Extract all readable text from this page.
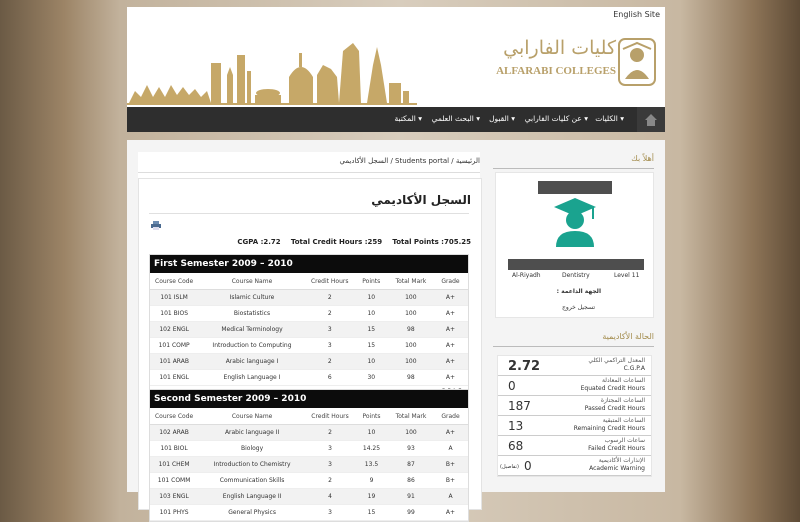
English Site
كليات الفارابي
ALFARABI COLLEGES
▾ الكليات
▾ عن كليات الفارابي
▾ القبول
▾ البحث العلمي
▾ المكتبة
الرئيسية / Students portal / السجل الأكاديمي
السجل الأكاديمي
CGPA :2.72 Total Credit Hours :259 Total Points :705.25
First Semester 2009 – 2010
Course Code	Course Name	Credit Hours	Points	Total Mark	Grade
101 ISLM	Islamic Culture	2	10	100	A+
101 BIOS	Biostatistics	2	10	100	A+
102 ENGL	Medical Terminology	3	15	98	A+
101 COMP	Introduction to Computing	3	15	100	A+
101 ARAB	Arabic language I	2	10	100	A+
101 ENGL	English Language I	6	30	98	A+
Second Semester 2009 – 2010
Course Code	Course Name	Credit Hours	Points	Total Mark	Grade
102 ARAB	Arabic language II	2	10	100	A+
101 BIOL	Biology	3	14.25	93	A
101 CHEM	Introduction to Chemistry	3	13.5	87	B+
101 COMM	Communication Skills	2	9	86	B+
103 ENGL	English Language II	4	19	91	A
101 PHYS	General Physics	3	15	99	A+
أهلاً بك
Al-Riyadh	Dentistry	Level 11
الجهة الداعمة :
تسجيل خروج
الحالة الأكاديمية
2.72	المعدل التراكمي الكلي
C.G.P.A
0	الساعات المعادلة
Equated Credit Hours
187	الساعات المجتازة
Passed Credit Hours
13	الساعات المتبقية
Remaining Credit Hours
68	ساعات الرسوب
Failed Credit Hours
0
(تفاصيل)
الإنذارات الأكاديمية
Academic Warning
